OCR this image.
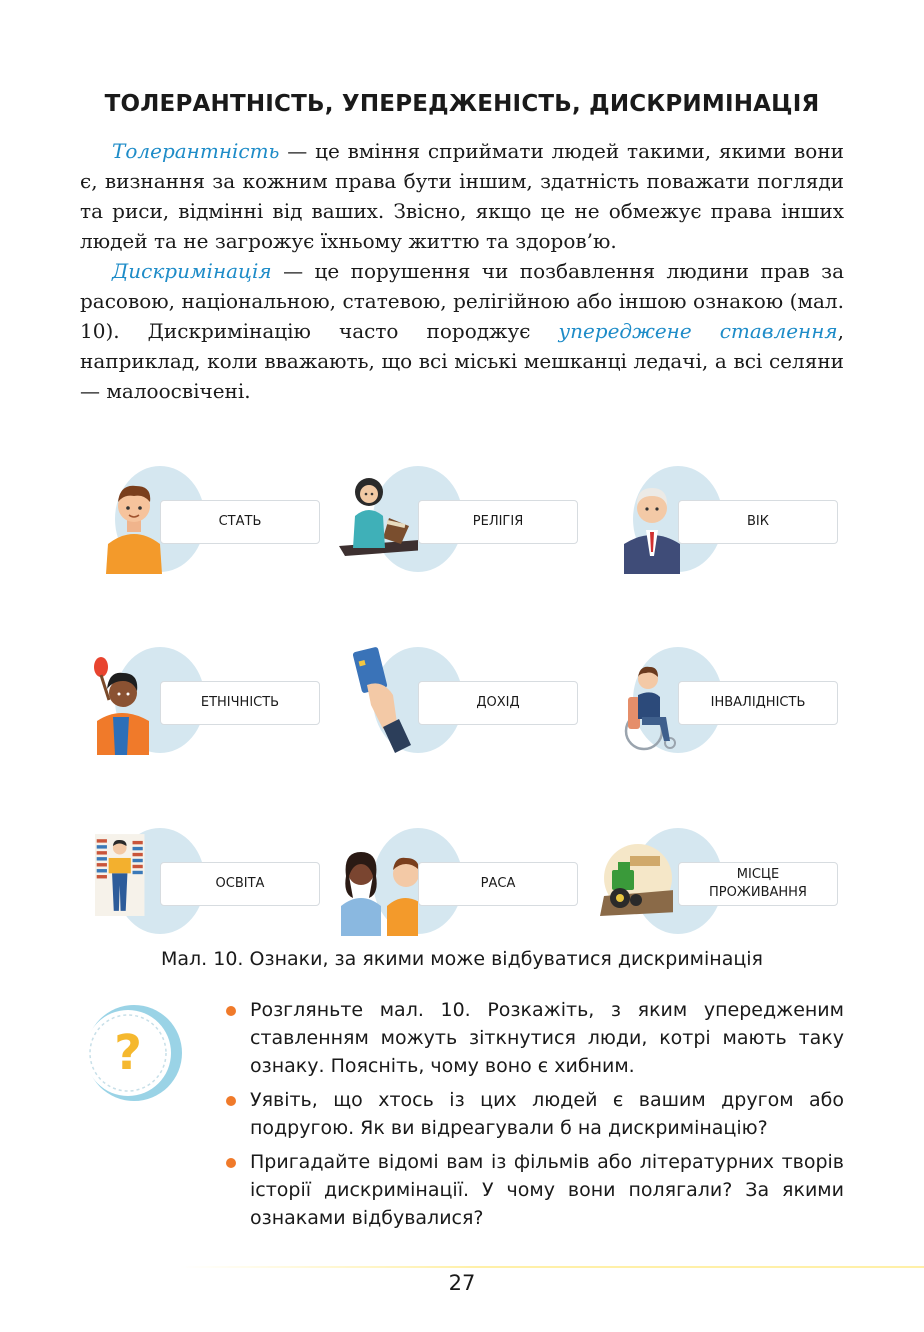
ТОЛЕРАНТНІСТЬ, УПЕРЕДЖЕНІСТЬ, ДИСКРИМІНАЦІЯ

Толерантність — це вміння сприймати людей такими, якими вони є, визнання за кожним права бути іншим, здатність поважати погляди та риси, відмінні від ваших. Звісно, якщо це не обмежує права інших людей та не загрожує їхньому життю та здоров’ю.

Дискримінація — це порушення чи позбавлення людини прав за расовою, національною, статевою, релігійною або іншою ознакою (мал. 10). Дискримінацію часто породжує упереджене ставлення, наприклад, коли вважають, що всі міські мешканці ледачі, а всі селяни — малоосвічені.

СТАТЬ	РЕЛІГІЯ	ВІК
ЕТНІЧНІСТЬ	ДОХІД	ІНВАЛІДНІСТЬ
ОСВІТА	РАСА
МІСЦЕ
ПРОЖИВАННЯ
Мал. 10. Ознаки, за якими може відбуватися дискримінація
?
Розгляньте мал. 10. Розкажіть, з яким упередженим ставленням можуть зіткнутися люди, котрі мають таку ознаку. Поясніть, чому воно є хибним.
Уявіть, що хтось із цих людей є вашим другом або подругою. Як ви відреагували б на дискримінацію?
Пригадайте відомі вам із фільмів або літературних творів історії дискримінації. У чому вони полягали? За якими ознаками відбувалися?
27
